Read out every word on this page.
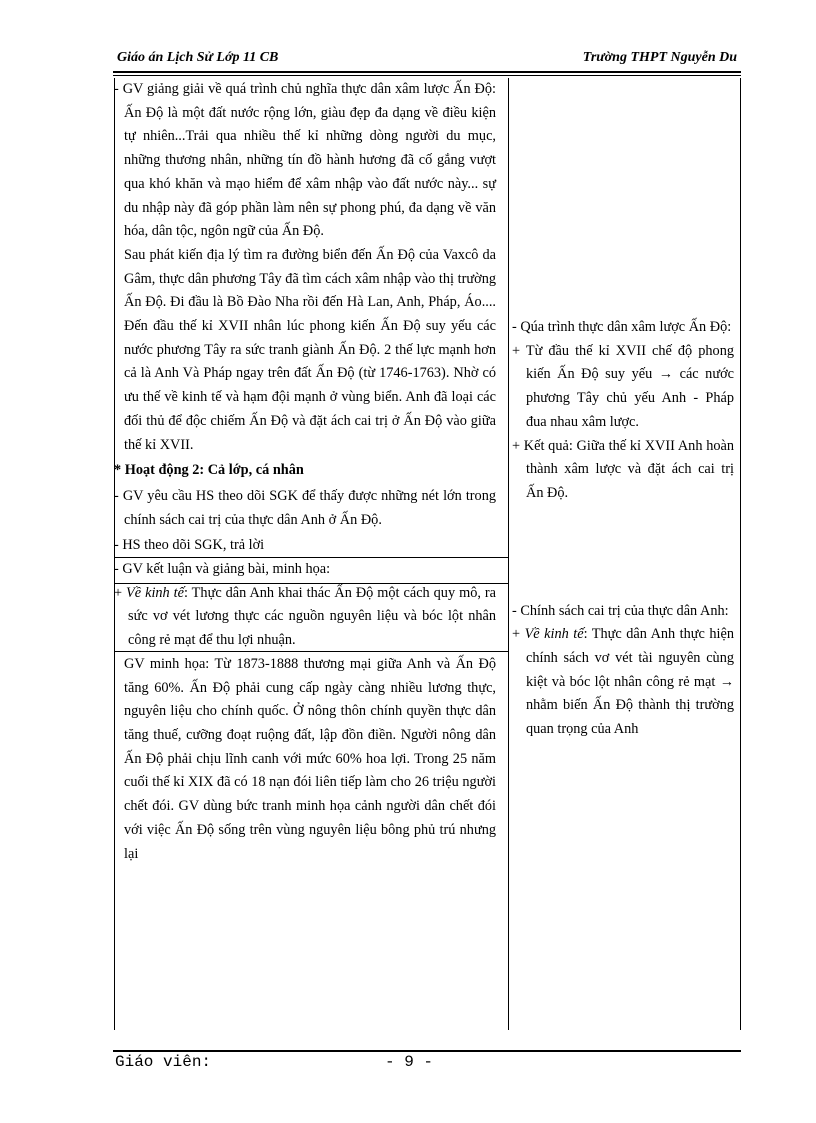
Giáo án Lịch Sử Lớp 11 CB	Trường THPT Nguyễn Du

- GV giảng giải về quá trình chủ nghĩa thực dân xâm lược Ấn Độ: Ấn Độ là một đất nước rộng lớn, giàu đẹp đa dạng về điều kiện tự nhiên...Trải qua nhiều thế kỉ những dòng người du mục, những thương nhân, những tín đồ hành hương đã cố gắng vượt qua khó khăn và mạo hiểm để xâm nhập vào đất nước này... sự du nhập này đã góp phần làm nên sự phong phú, đa dạng về văn hóa, dân tộc, ngôn ngữ của Ấn Độ.

Sau phát kiến địa lý tìm ra đường biển đến Ấn Độ của Vaxcô da Gâm, thực dân phương Tây đã tìm cách xâm nhập vào thị trường Ấn Độ. Đi đầu là Bồ Đào Nha rồi đến Hà Lan, Anh, Pháp, Áo.... Đến đầu thế kỉ XVII nhân lúc phong kiến Ấn Độ suy yếu các nước phương Tây ra sức tranh giành Ấn Độ. 2 thế lực mạnh hơn cả là Anh Và Pháp ngay trên đất Ấn Độ (từ 1746-1763). Nhờ có ưu thế về kinh tế và hạm đội mạnh ở vùng biển. Anh đã loại các đối thủ để độc chiếm Ấn Độ và đặt ách cai trị ở Ấn Độ vào giữa thế kỉ XVII.

* Hoạt động 2: Cả lớp, cá nhân

- GV yêu cầu HS theo dõi SGK để thấy được những nét lớn trong chính sách cai trị của thực dân Anh ở Ấn Độ.

- HS theo dõi SGK, trả lời

- GV kết luận và giảng bài, minh họa:

+ Về kinh tế: Thực dân Anh khai thác Ấn Độ một cách quy mô, ra sức vơ vét lương thực các nguồn nguyên liệu và bóc lột nhân công rẻ mạt để thu lợi nhuận.

GV minh họa: Từ 1873-1888 thương mại giữa Anh và Ấn Độ tăng 60%. Ấn Độ phải cung cấp ngày càng nhiều lương thực, nguyên liệu cho chính quốc. Ở nông thôn chính quyền thực dân tăng thuế, cưỡng đoạt ruộng đất, lập đồn điền. Người nông dân Ấn Độ phải chịu lĩnh canh với mức 60% hoa lợi. Trong 25 năm cuối thế kỉ XIX đã có 18 nạn đói liên tiếp làm cho 26 triệu người chết đói. GV dùng bức tranh minh họa cảnh người dân chết đói với việc Ấn Độ sống trên vùng nguyên liệu bông phủ trú nhưng lại

- Qúa trình thực dân xâm lược Ấn Độ:

+ Từ đầu thế kỉ XVII chế độ phong kiến Ấn Độ suy yếu → các nước phương Tây chủ yếu Anh - Pháp đua nhau xâm lược.

+ Kết quả: Giữa thế kỉ XVII Anh hoàn thành xâm lược và đặt ách cai trị Ấn Độ.

- Chính sách cai trị của thực dân Anh:

+ Về kinh tế: Thực dân Anh thực hiện chính sách vơ vét tài nguyên cùng kiệt và bóc lột nhân công rẻ mạt → nhằm biến Ấn Độ thành thị trường quan trọng của Anh

Giáo viên:	- 9 -
